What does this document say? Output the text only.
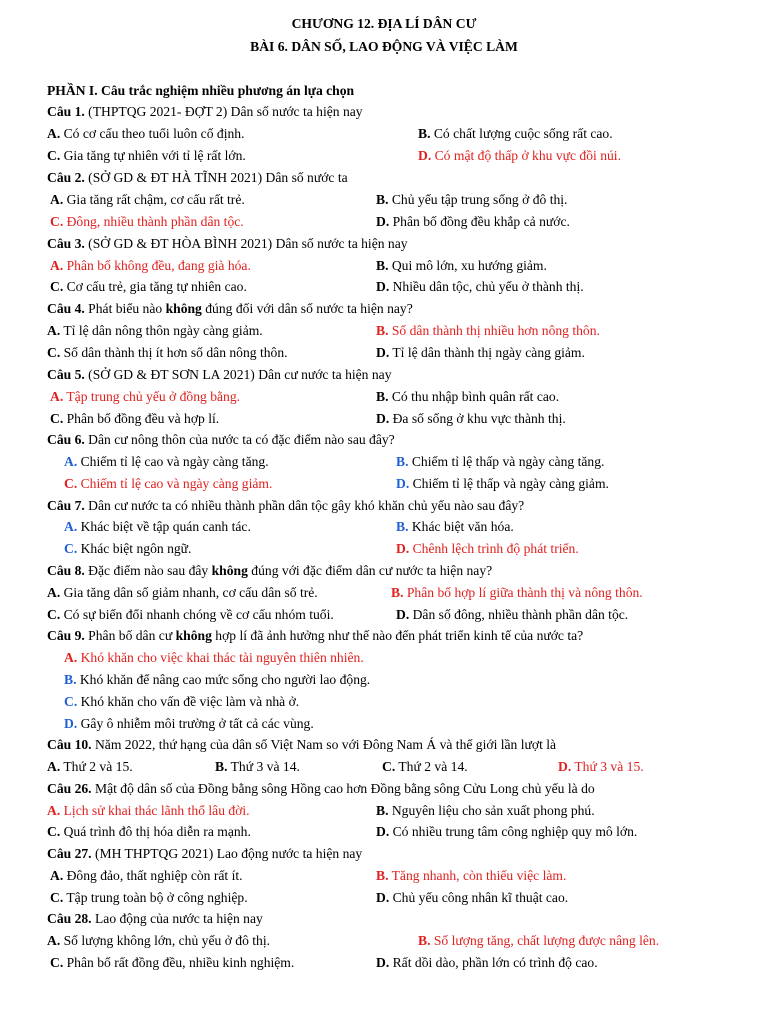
CHƯƠNG 12. ĐỊA LÍ DÂN CƯ
BÀI 6. DÂN SỐ, LAO ĐỘNG VÀ VIỆC LÀM
PHẦN I. Câu trắc nghiệm nhiều phương án lựa chọn
Câu 1. (THPTQG 2021- ĐỢT 2) Dân số nước ta hiện nay
A. Có cơ cấu theo tuổi luôn cố định.	B. Có chất lượng cuộc sống rất cao.
C. Gia tăng tự nhiên với tỉ lệ rất lớn.	D. Có mật độ thấp ở khu vực đồi núi.
Câu 2. (SỞ GD & ĐT HÀ TĨNH 2021) Dân số nước ta
A. Gia tăng rất chậm, cơ cấu rất trẻ.	B. Chủ yếu tập trung sống ở đô thị.
C. Đông, nhiều thành phần dân tộc.	D. Phân bố đồng đều khắp cả nước.
Câu 3. (SỞ GD & ĐT HÒA BÌNH 2021) Dân số nước ta hiện nay
A. Phân bố không đều, đang già hóa.	B. Qui mô lớn, xu hướng giảm.
C. Cơ cấu trẻ, gia tăng tự nhiên cao.	D. Nhiều dân tộc, chủ yếu ở thành thị.
Câu 4. Phát biểu nào không đúng đối với dân số nước ta hiện nay?
A. Tỉ lệ dân nông thôn ngày càng giảm.	B. Số dân thành thị nhiều hơn nông thôn.
C. Số dân thành thị ít hơn số dân nông thôn.	D. Tỉ lệ dân thành thị ngày càng giảm.
Câu 5. (SỞ GD & ĐT SƠN LA 2021) Dân cư nước ta hiện nay
A. Tập trung chủ yếu ở đồng bằng.	B. Có thu nhập bình quân rất cao.
C. Phân bố đồng đều và hợp lí.	D. Đa số sống ở khu vực thành thị.
Câu 6. Dân cư nông thôn của nước ta có đặc điểm nào sau đây?
A. Chiếm tỉ lệ cao và ngày càng tăng.	B. Chiếm tỉ lệ thấp và ngày càng tăng.
C. Chiếm tỉ lệ cao và ngày càng giảm.	D. Chiếm tỉ lệ thấp và ngày càng giảm.
Câu 7. Dân cư nước ta có nhiều thành phần dân tộc gây khó khăn chủ yếu nào sau đây?
A. Khác biệt về tập quán canh tác.	B. Khác biệt văn hóa.
C. Khác biệt ngôn ngữ.	D. Chênh lệch trình độ phát triển.
Câu 8. Đặc điểm nào sau đây không đúng với đặc điểm dân cư nước ta hiện nay?
A. Gia tăng dân số giảm nhanh, cơ cấu dân số trẻ.	B. Phân bố hợp lí giữa thành thị và nông thôn.
C. Có sự biến đổi nhanh chóng về cơ cấu nhóm tuổi.	D. Dân số đông, nhiều thành phần dân tộc.
Câu 9. Phân bố dân cư không hợp lí đã ảnh hưởng như thế nào đến phát triển kinh tế của nước ta?
A. Khó khăn cho việc khai thác tài nguyên thiên nhiên.
B. Khó khăn để nâng cao mức sống cho người lao động.
C. Khó khăn cho vấn đề việc làm và nhà ở.
D. Gây ô nhiễm môi trường ở tất cả các vùng.
Câu 10. Năm 2022, thứ hạng của dân số Việt Nam so với Đông Nam Á và thế giới lần lượt là
A. Thứ 2 và 15.	B. Thứ 3 và 14.	C. Thứ 2 và 14.	D. Thứ 3 và 15.
Câu 26. Mật độ dân số của Đồng bằng sông Hồng cao hơn Đồng bằng sông Cửu Long chủ yếu là do
A. Lịch sử khai thác lãnh thổ lâu đời.	B. Nguyên liệu cho sản xuất phong phú.
C. Quá trình đô thị hóa diễn ra mạnh.	D. Có nhiều trung tâm công nghiệp quy mô lớn.
Câu 27. (MH THPTQG 2021) Lao động nước ta hiện nay
A. Đông đảo, thất nghiệp còn rất ít.	B. Tăng nhanh, còn thiếu việc làm.
C. Tập trung toàn bộ ở công nghiệp.	D. Chủ yếu công nhân kĩ thuật cao.
Câu 28. Lao động của nước ta hiện nay
A. Số lượng không lớn, chủ yếu ở đô thị.	B. Số lượng tăng, chất lượng được nâng lên.
C. Phân bố rất đồng đều, nhiều kinh nghiệm.	D. Rất dồi dào, phần lớn có trình độ cao.
